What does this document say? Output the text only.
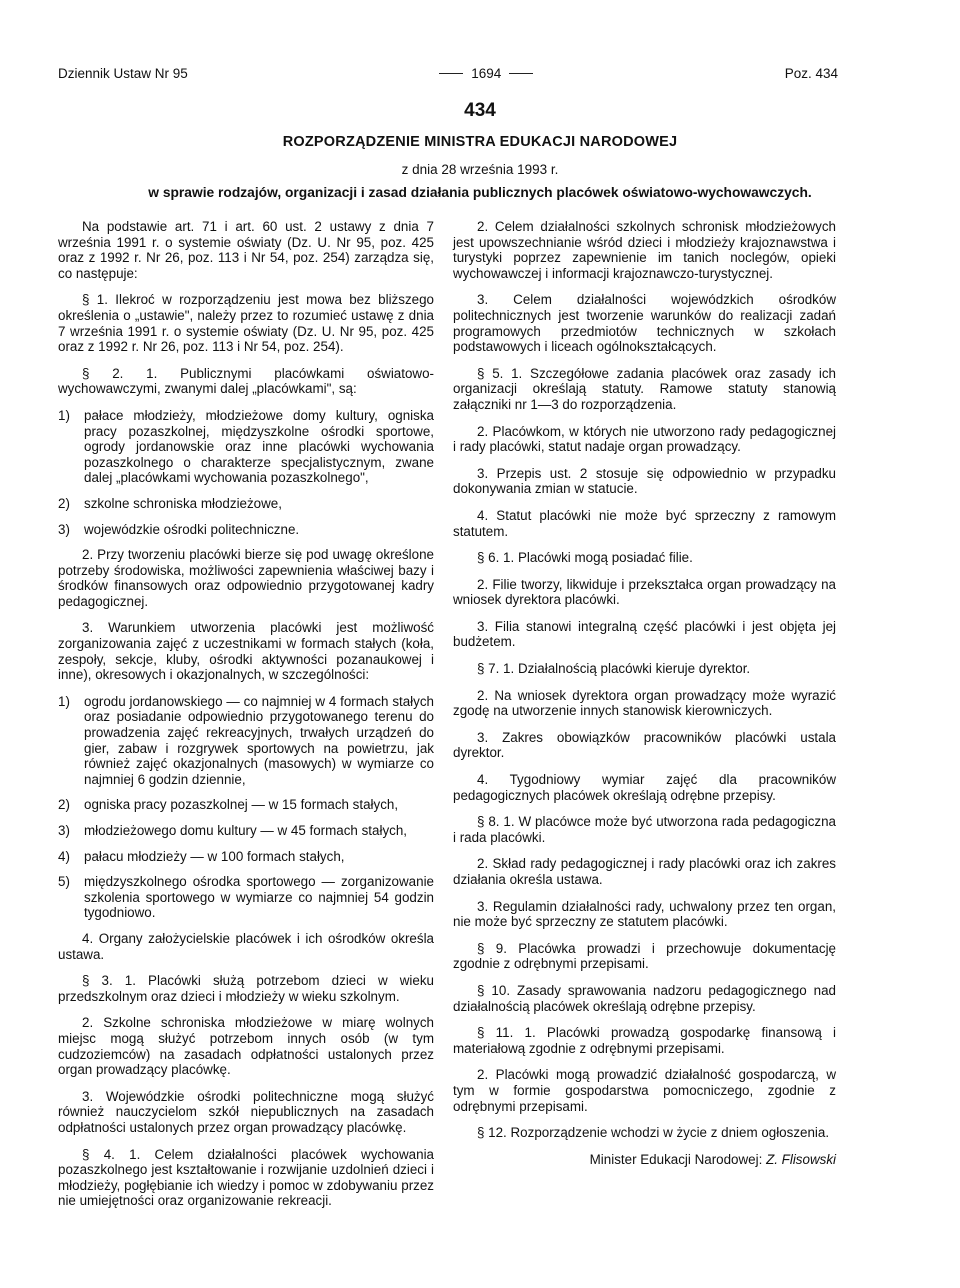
Dziennik Ustaw Nr 95	1694	Poz. 434
434
ROZPORZĄDZENIE MINISTRA EDUKACJI NARODOWEJ
z dnia 28 września 1993 r.
w sprawie rodzajów, organizacji i zasad działania publicznych placówek oświatowo-wychowawczych.

Na podstawie art. 71 i art. 60 ust. 2 ustawy z dnia 7 września 1991 r. o systemie oświaty (Dz. U. Nr 95, poz. 425 oraz z 1992 r. Nr 26, poz. 113 i Nr 54, poz. 254) zarządza się, co następuje:

§ 1. Ilekroć w rozporządzeniu jest mowa bez bliższego określenia o „ustawie", należy przez to rozumieć ustawę z dnia 7 września 1991 r. o systemie oświaty (Dz. U. Nr 95, poz. 425 oraz z 1992 r. Nr 26, poz. 113 i Nr 54, poz. 254).

§ 2. 1. Publicznymi placówkami oświatowo-wychowawczymi, zwanymi dalej „placówkami", są:

1) pałace młodzieży, młodzieżowe domy kultury, ogniska pracy pozaszkolnej, międzyszkolne ośrodki sportowe, ogrody jordanowskie oraz inne placówki wychowania pozaszkolnego o charakterze specjalistycznym, zwane dalej „placówkami wychowania pozaszkolnego",
2) szkolne schroniska młodzieżowe,
3) wojewódzkie ośrodki politechniczne.

2. Przy tworzeniu placówki bierze się pod uwagę określone potrzeby środowiska, możliwości zapewnienia właściwej bazy i środków finansowych oraz odpowiednio przygotowanej kadry pedagogicznej.

3. Warunkiem utworzenia placówki jest możliwość zorganizowania zajęć z uczestnikami w formach stałych (koła, zespoły, sekcje, kluby, ośrodki aktywności pozanaukowej i inne), okresowych i okazjonalnych, w szczególności:

1) ogrodu jordanowskiego — co najmniej w 4 formach stałych oraz posiadanie odpowiednio przygotowanego terenu do prowadzenia zajęć rekreacyjnych, trwałych urządzeń do gier, zabaw i rozgrywek sportowych na powietrzu, jak również zajęć okazjonalnych (masowych) w wymiarze co najmniej 6 godzin dziennie,
2) ogniska pracy pozaszkolnej — w 15 formach stałych,
3) młodzieżowego domu kultury — w 45 formach stałych,
4) pałacu młodzieży — w 100 formach stałych,
5) międzyszkolnego ośrodka sportowego — zorganizowanie szkolenia sportowego w wymiarze co najmniej 54 godzin tygodniowo.

4. Organy założycielskie placówek i ich ośrodków określa ustawa.

§ 3. 1. Placówki służą potrzebom dzieci w wieku przedszkolnym oraz dzieci i młodzieży w wieku szkolnym.

2. Szkolne schroniska młodzieżowe w miarę wolnych miejsc mogą służyć potrzebom innych osób (w tym cudzoziemców) na zasadach odpłatności ustalonych przez organ prowadzący placówkę.

3. Wojewódzkie ośrodki politechniczne mogą służyć również nauczycielom szkół niepublicznych na zasadach odpłatności ustalonych przez organ prowadzący placówkę.

§ 4. 1. Celem działalności placówek wychowania pozaszkolnego jest kształtowanie i rozwijanie uzdolnień dzieci i młodzieży, pogłębianie ich wiedzy i pomoc w zdobywaniu przez nie umiejętności oraz organizowanie rekreacji.

2. Celem działalności szkolnych schronisk młodzieżowych jest upowszechnianie wśród dzieci i młodzieży krajoznawstwa i turystyki poprzez zapewnienie im tanich noclegów, opieki wychowawczej i informacji krajoznawczo-turystycznej.

3. Celem działalności wojewódzkich ośrodków politechnicznych jest tworzenie warunków do realizacji zadań programowych przedmiotów technicznych w szkołach podstawowych i liceach ogólnokształcących.

§ 5. 1. Szczegółowe zadania placówek oraz zasady ich organizacji określają statuty. Ramowe statuty stanowią załączniki nr 1—3 do rozporządzenia.

2. Placówkom, w których nie utworzono rady pedagogicznej i rady placówki, statut nadaje organ prowadzący.

3. Przepis ust. 2 stosuje się odpowiednio w przypadku dokonywania zmian w statucie.

4. Statut placówki nie może być sprzeczny z ramowym statutem.

§ 6. 1. Placówki mogą posiadać filie.

2. Filie tworzy, likwiduje i przekształca organ prowadzący na wniosek dyrektora placówki.

3. Filia stanowi integralną część placówki i jest objęta jej budżetem.

§ 7. 1. Działalnością placówki kieruje dyrektor.

2. Na wniosek dyrektora organ prowadzący może wyrazić zgodę na utworzenie innych stanowisk kierowniczych.

3. Zakres obowiązków pracowników placówki ustala dyrektor.

4. Tygodniowy wymiar zajęć dla pracowników pedagogicznych placówek określają odrębne przepisy.

§ 8. 1. W placówce może być utworzona rada pedagogiczna i rada placówki.

2. Skład rady pedagogicznej i rady placówki oraz ich zakres działania określa ustawa.

3. Regulamin działalności rady, uchwalony przez ten organ, nie może być sprzeczny ze statutem placówki.

§ 9. Placówka prowadzi i przechowuje dokumentację zgodnie z odrębnymi przepisami.

§ 10. Zasady sprawowania nadzoru pedagogicznego nad działalnością placówek określają odrębne przepisy.

§ 11. 1. Placówki prowadzą gospodarkę finansową i materiałową zgodnie z odrębnymi przepisami.

2. Placówki mogą prowadzić działalność gospodarczą, w tym w formie gospodarstwa pomocniczego, zgodnie z odrębnymi przepisami.

§ 12. Rozporządzenie wchodzi w życie z dniem ogłoszenia.

Minister Edukacji Narodowej: Z. Flisowski
